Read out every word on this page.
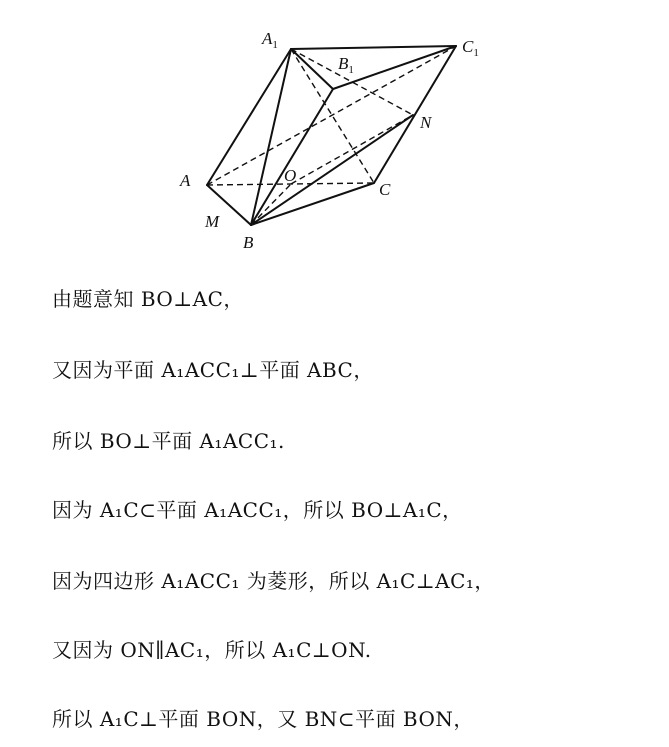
$A_1$	$C_1$
$B_1$
N
A	O
C
M
B
由题意知 BO⊥AC，
又因为平面 A₁ACC₁⊥平面 ABC，
所以 BO⊥平面 A₁ACC₁.
因为 A₁C⊂平面 A₁ACC₁，所以 BO⊥A₁C，
因为四边形 A₁ACC₁ 为菱形，所以 A₁C⊥AC₁，
又因为 ON∥AC₁，所以 A₁C⊥ON.
所以 A₁C⊥平面 BON，又 BN⊂平面 BON，
